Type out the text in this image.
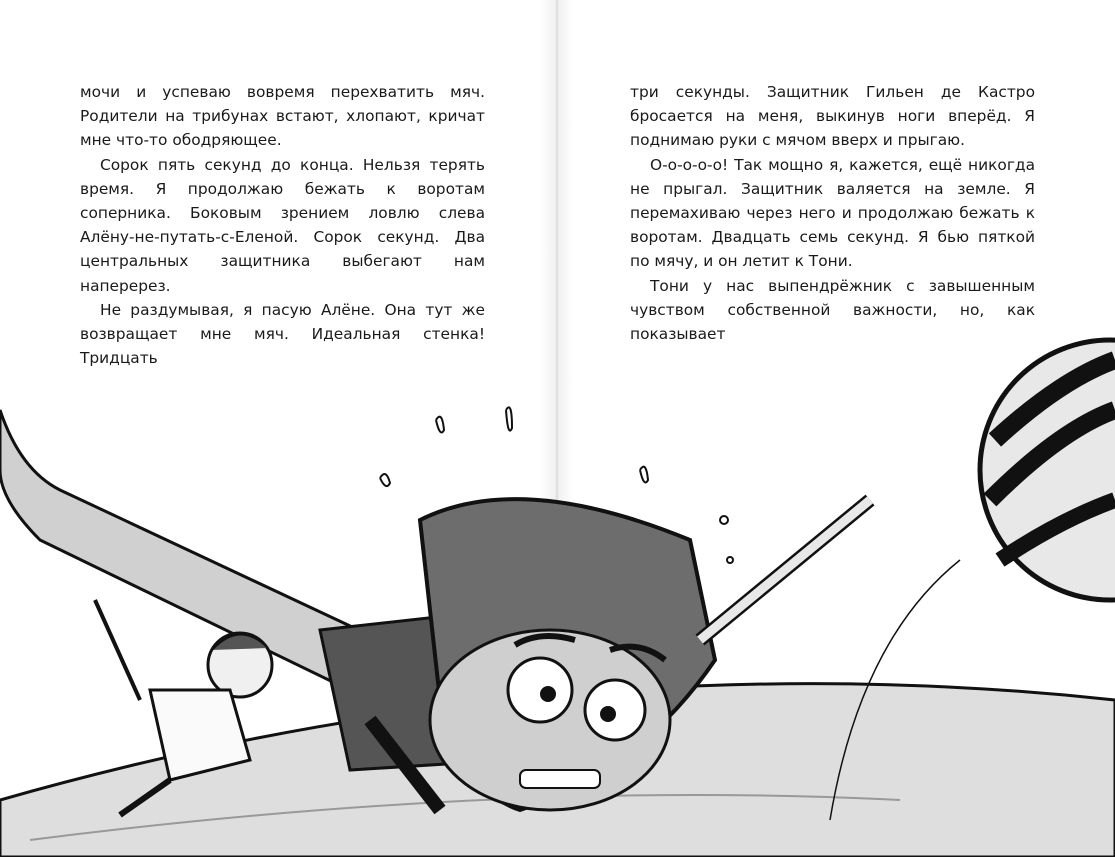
мочи и успеваю вовремя перехватить мяч. Родители на трибунах встают, хлопают, кричат мне что-то ободряющее.

Сорок пять секунд до конца. Нельзя терять время. Я продолжаю бежать к воротам соперника. Боковым зрением ловлю слева Алёну-не-путать-с-Еленой. Сорок секунд. Два центральных защитника выбегают нам наперерез.

Не раздумывая, я пасую Алёне. Она тут же возвращает мне мяч. Идеальная стенка! Тридцать

три секунды. Защитник Гильен де Кастро бросается на меня, выкинув ноги вперёд. Я поднимаю руки с мячом вверх и прыгаю.

О-о-о-о-о! Так мощно я, кажется, ещё никогда не прыгал. Защитник валяется на земле. Я перемахиваю через него и продолжаю бежать к воротам. Двадцать семь секунд. Я бью пяткой по мячу, и он летит к Тони.

Тони у нас выпендрёжник с завышенным чувством собственной важности, но, как показывает
